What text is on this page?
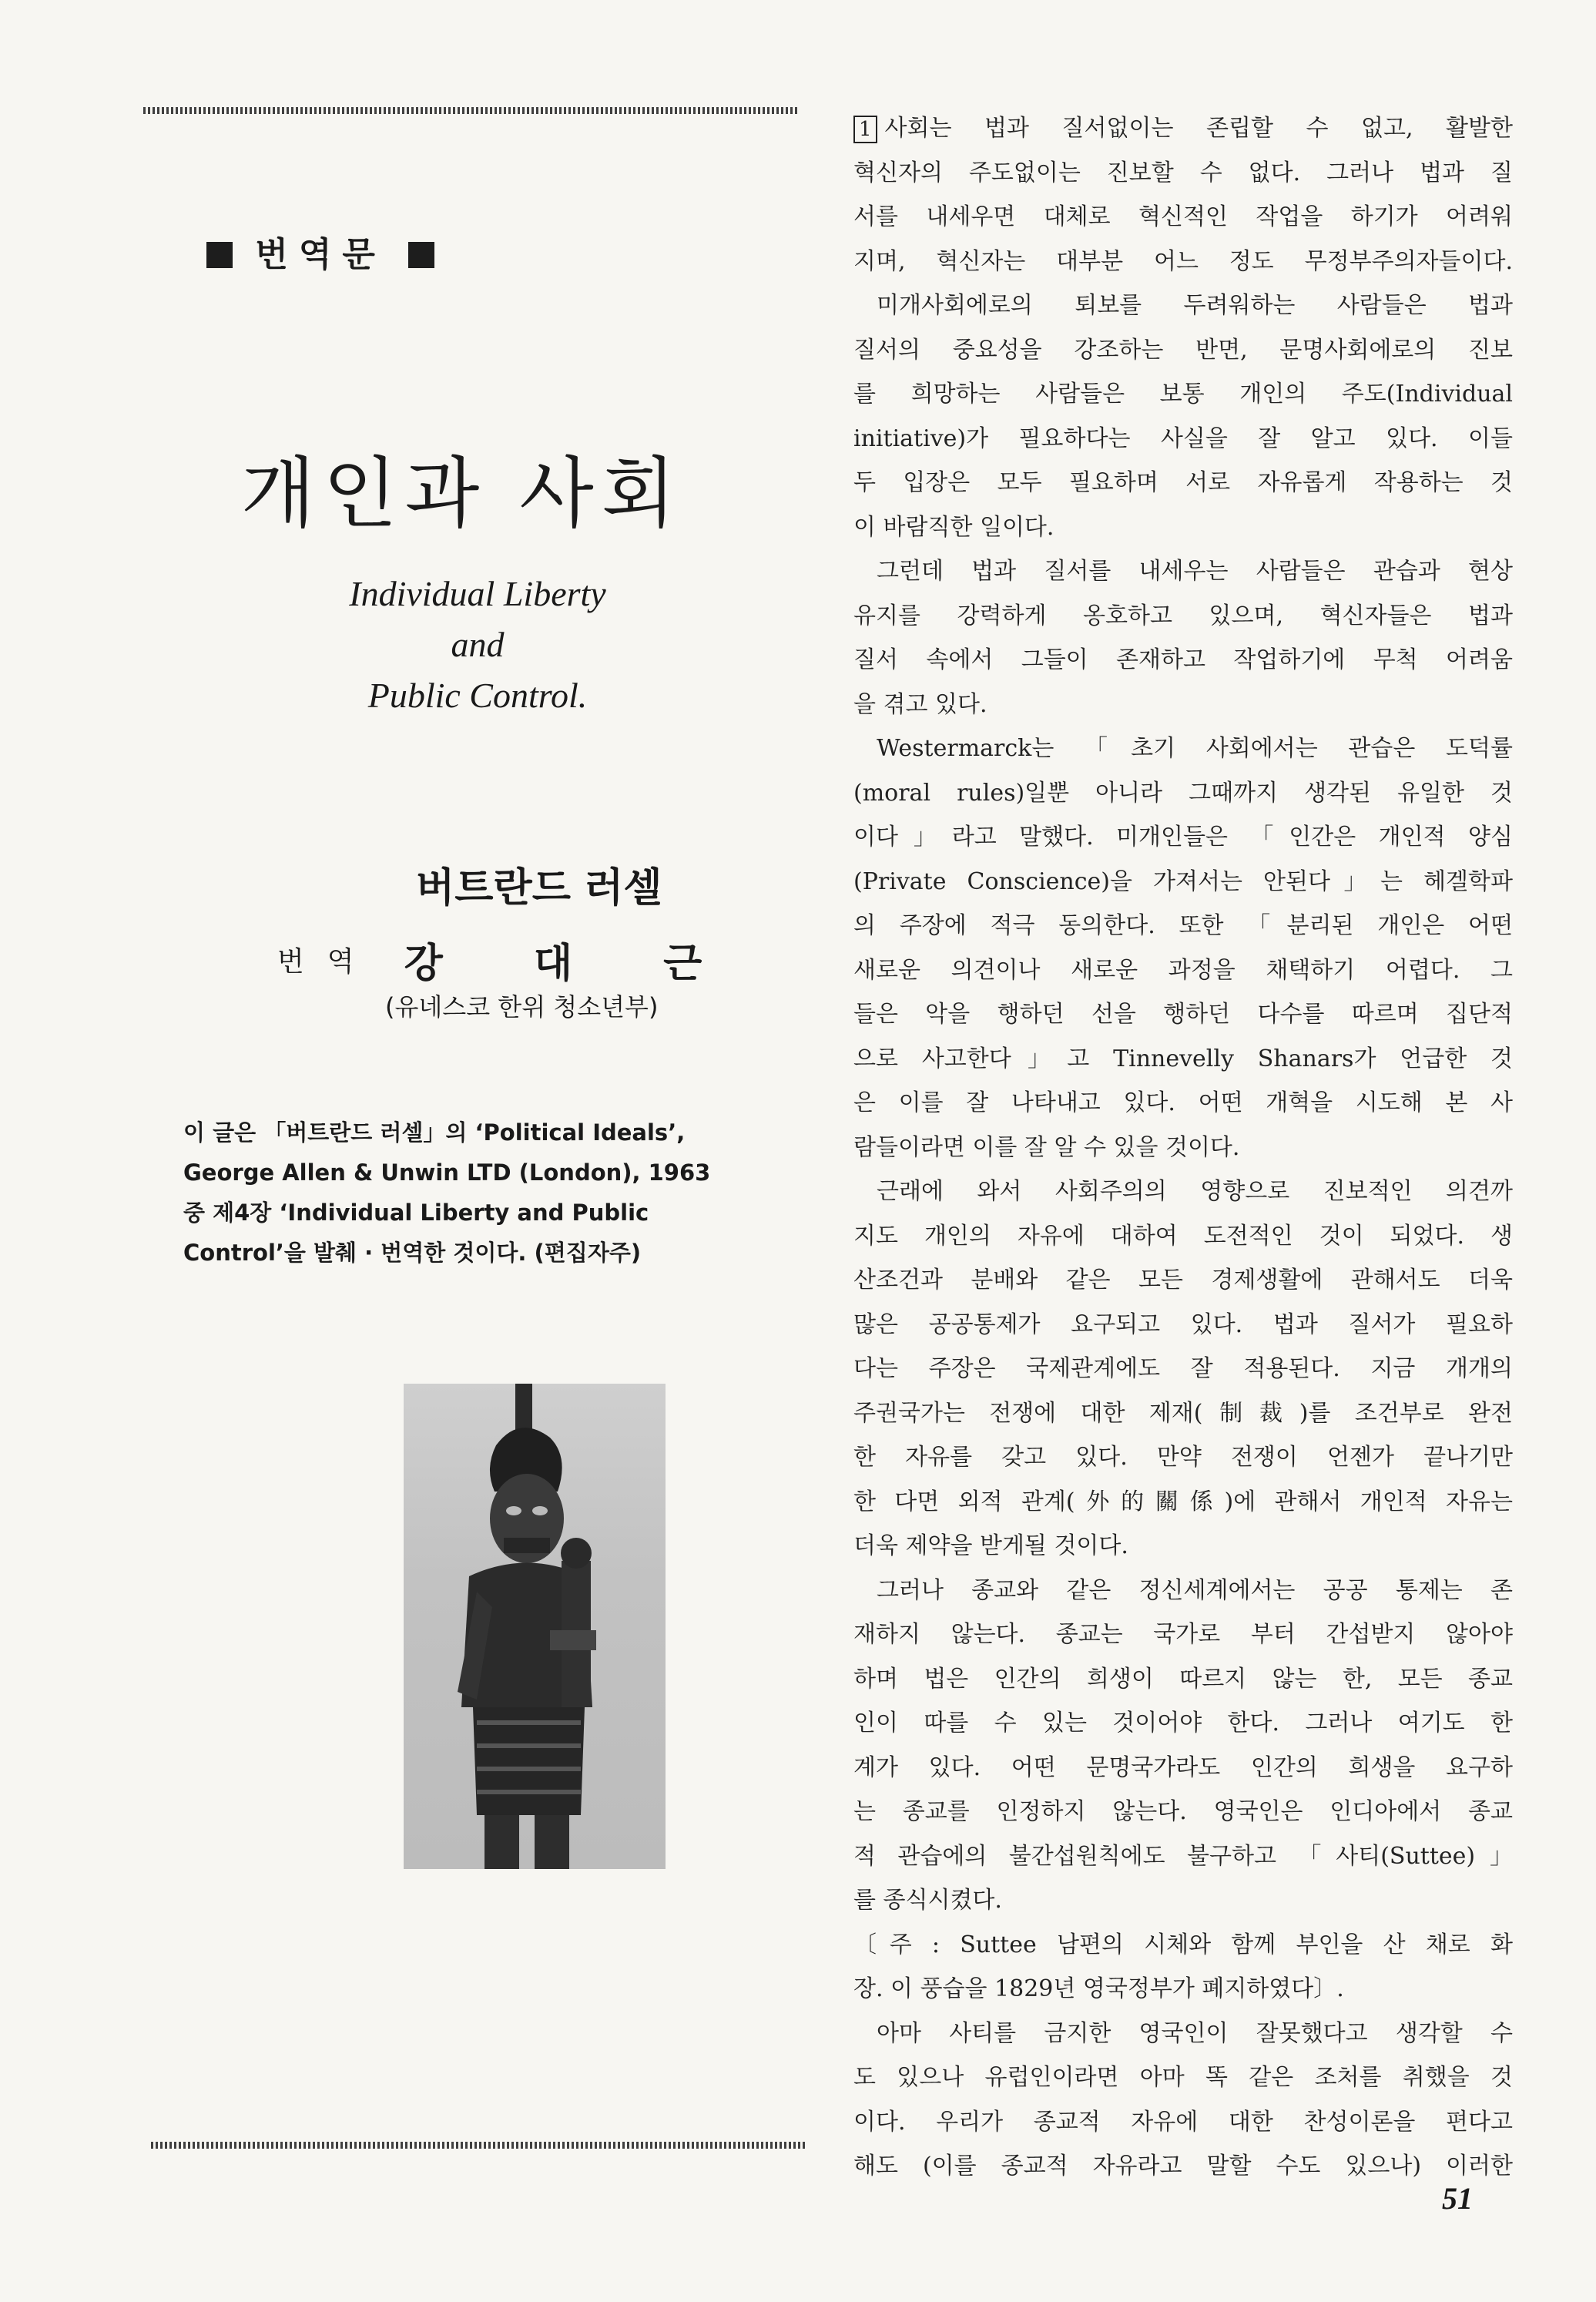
번역문
개인과 사회
Individual Liberty
and
Public Control.
버트란드 러셀
번역 강대근
(유네스코 한위 청소년부)
이 글은 「버트란드 러셀」의 ‘Political Ideals’,
George Allen & Unwin LTD (London), 1963
중 제4장 ‘Individual Liberty and Public
Control’을 발췌 · 번역한 것이다. (편집자주)
1 사회는 법과 질서없이는 존립할 수 없고, 활발한
혁신자의 주도없이는 진보할 수 없다. 그러나 법과 질
서를 내세우면 대체로 혁신적인 작업을 하기가 어려워
지며, 혁신자는 대부분 어느 정도 무정부주의자들이다.
미개사회에로의 퇴보를 두려워하는 사람들은 법과
질서의 중요성을 강조하는 반면, 문명사회에로의 진보
를 희망하는 사람들은 보통 개인의 주도(Individual
initiative)가 필요하다는 사실을 잘 알고 있다. 이들
두 입장은 모두 필요하며 서로 자유롭게 작용하는 것
이 바람직한 일이다.
그런데 법과 질서를 내세우는 사람들은 관습과 현상
유지를 강력하게 옹호하고 있으며, 혁신자들은 법과
질서 속에서 그들이 존재하고 작업하기에 무척 어려움
을 겪고 있다.
Westermarck는 「초기 사회에서는 관습은 도덕률
(moral rules)일뿐 아니라 그때까지 생각된 유일한 것
이다」라고 말했다. 미개인들은 「인간은 개인적 양심
(Private Conscience)을 가져서는 안된다」는 헤겔학파
의 주장에 적극 동의한다. 또한 「분리된 개인은 어떤
새로운 의견이나 새로운 과정을 채택하기 어렵다. 그
들은 악을 행하던 선을 행하던 다수를 따르며 집단적
으로 사고한다」고 Tinnevelly Shanars가 언급한 것
은 이를 잘 나타내고 있다. 어떤 개혁을 시도해 본 사
람들이라면 이를 잘 알 수 있을 것이다.
근래에 와서 사회주의의 영향으로 진보적인 의견까
지도 개인의 자유에 대하여 도전적인 것이 되었다. 생
산조건과 분배와 같은 모든 경제생활에 관해서도 더욱
많은 공공통제가 요구되고 있다. 법과 질서가 필요하
다는 주장은 국제관계에도 잘 적용된다. 지금 개개의
주권국가는 전쟁에 대한 제재(制裁)를 조건부로 완전
한 자유를 갖고 있다. 만약 전쟁이 언젠가 끝나기만
한 다면 외적 관계(外的關係)에 관해서 개인적 자유는
더욱 제약을 받게될 것이다.
그러나 종교와 같은 정신세계에서는 공공 통제는 존
재하지 않는다. 종교는 국가로 부터 간섭받지 않아야
하며 법은 인간의 희생이 따르지 않는 한, 모든 종교
인이 따를 수 있는 것이어야 한다. 그러나 여기도 한
계가 있다. 어떤 문명국가라도 인간의 희생을 요구하
는 종교를 인정하지 않는다. 영국인은 인디아에서 종교
적 관습에의 불간섭원칙에도 불구하고 「사티(Suttee)」
를 종식시켰다.
〔주 : Suttee 남편의 시체와 함께 부인을 산 채로 화
장. 이 풍습을 1829년 영국정부가 폐지하였다〕.
아마 사티를 금지한 영국인이 잘못했다고 생각할 수
도 있으나 유럽인이라면 아마 똑 같은 조처를 취했을 것
이다. 우리가 종교적 자유에 대한 찬성이론을 편다고
해도 (이를 종교적 자유라고 말할 수도 있으나) 이러한
51
